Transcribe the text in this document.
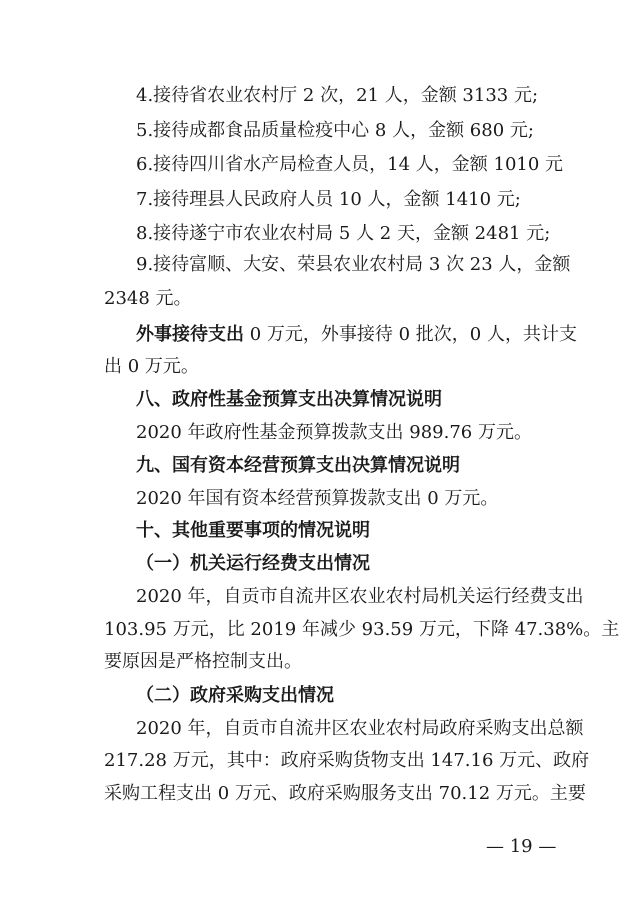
4.接待省农业农村厅 2 次，21 人，金额 3133 元;
5.接待成都食品质量检疫中心 8 人，金额 680 元;
6.接待四川省水产局检查人员，14 人，金额 1010 元
7.接待理县人民政府人员 10 人，金额 1410 元;
8.接待遂宁市农业农村局 5 人 2 天，金额 2481 元;
9.接待富顺、大安、荣县农业农村局 3 次 23 人，金额
2348 元。
外事接待支出 0 万元，外事接待 0 批次，0 人，共计支
出 0 万元。
八、政府性基金预算支出决算情况说明
2020 年政府性基金预算拨款支出 989.76 万元。
九、国有资本经营预算支出决算情况说明
2020 年国有资本经营预算拨款支出 0 万元。
十、其他重要事项的情况说明
（一）机关运行经费支出情况
2020 年，自贡市自流井区农业农村局机关运行经费支出
103.95 万元，比 2019 年减少 93.59 万元，下降 47.38%。主
要原因是严格控制支出。
（二）政府采购支出情况
2020 年，自贡市自流井区农业农村局政府采购支出总额
217.28 万元，其中：政府采购货物支出 147.16 万元、政府
采购工程支出 0 万元、政府采购服务支出 70.12 万元。主要
— 19 —
